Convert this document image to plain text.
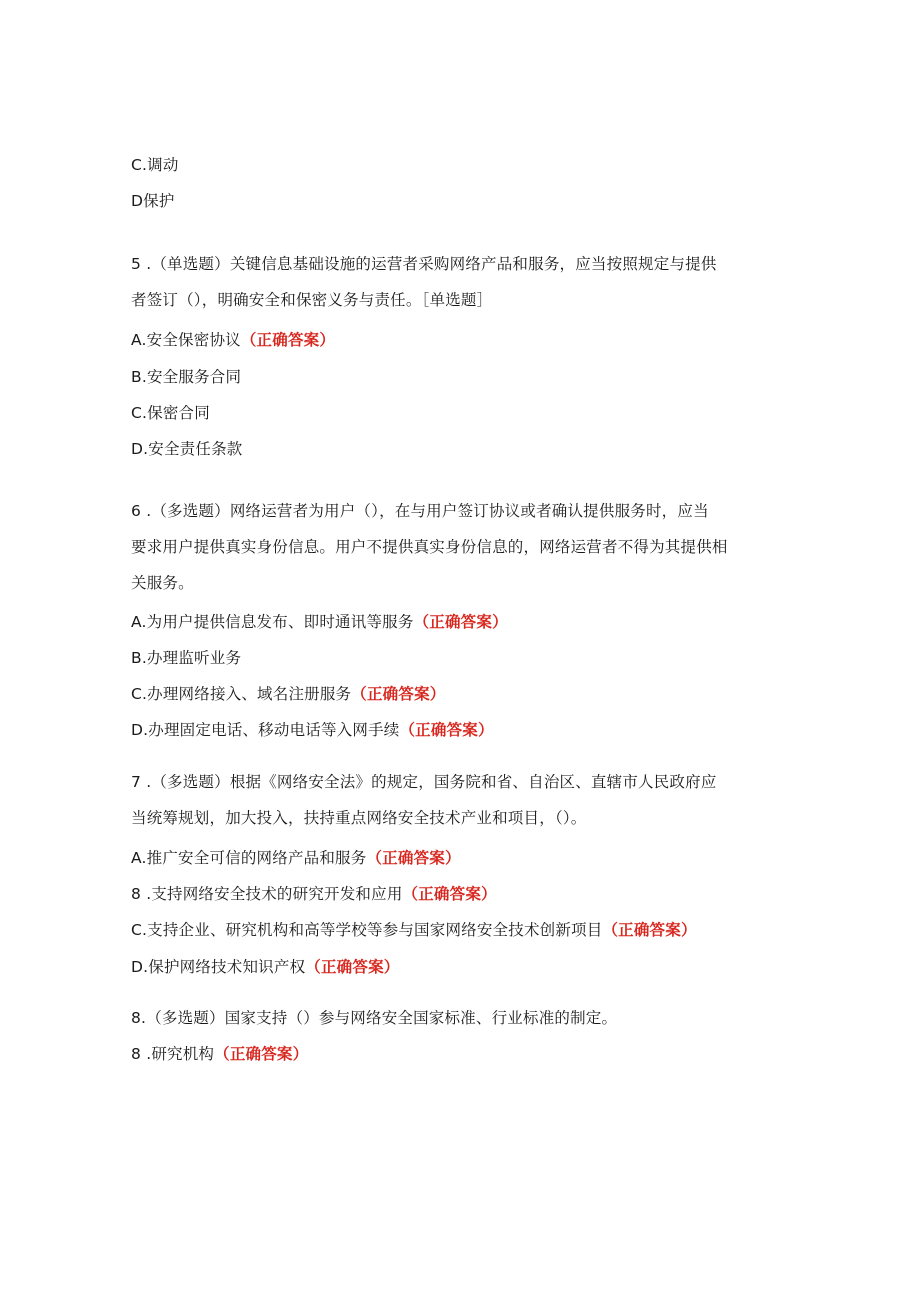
C.调动
D保护
5 .（单选题）关键信息基础设施的运营者采购网络产品和服务，应当按照规定与提供
者签订（），明确安全和保密义务与责任。［单选题］
A.安全保密协议（正确答案）
B.安全服务合同
C.保密合同
D.安全责任条款
6 .（多选题）网络运营者为用户（），在与用户签订协议或者确认提供服务时，应当
要求用户提供真实身份信息。用户不提供真实身份信息的，网络运营者不得为其提供相
关服务。
A.为用户提供信息发布、即时通讯等服务（正确答案）
B.办理监听业务
C.办理网络接入、域名注册服务（正确答案）
D.办理固定电话、移动电话等入网手续（正确答案）
7 .（多选题）根据《网络安全法》的规定，国务院和省、自治区、直辖市人民政府应
当统筹规划，加大投入，扶持重点网络安全技术产业和项目，（）。
A.推广安全可信的网络产品和服务（正确答案）
8 .支持网络安全技术的研究开发和应用（正确答案）
C.支持企业、研究机构和高等学校等参与国家网络安全技术创新项目（正确答案）
D.保护网络技术知识产权（正确答案）
8.（多选题）国家支持（）参与网络安全国家标准、行业标准的制定。
8 .研究机构（正确答案）
